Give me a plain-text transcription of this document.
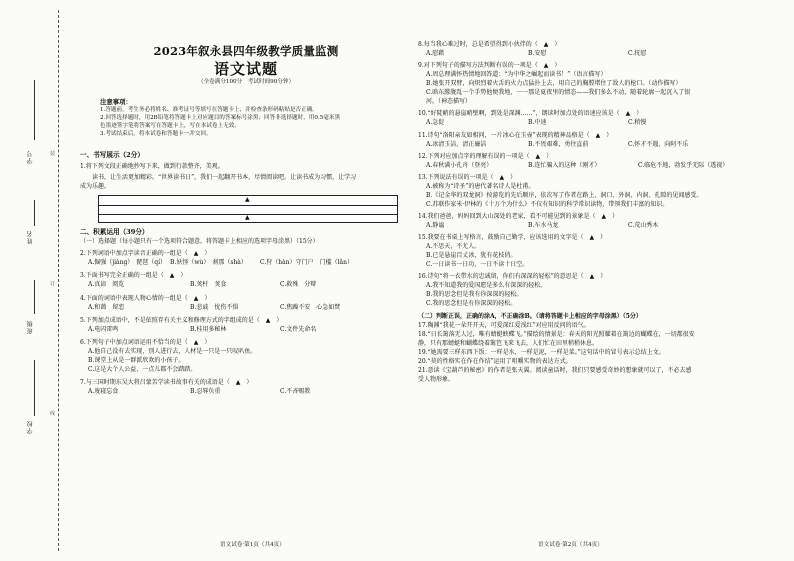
学号
姓名
班级
学校
装
订
线
2023年叙永县四年级教学质量监测
语文试题
（全卷满分100分　考试时间90分钟）
注意事项：

1.答题前，考生务必将姓名、准考证号等填写在答题卡上，并检查条形码粘贴是否正确。

2.回答选择题时，用2B铅笔将答题卡上对应题目的答案标号涂黑；回答非选择题时，用0.5毫米黑

色墨迹签字笔将答案写在答题卡上，写在本试卷上无效。

3.考试结束后，将本试卷和答题卡一并交回。

一、书写展示（2分）
1.将下列文段正确地抄写下来，做到行款整齐，美观。
读书，让生活更加精彩。“世界读书日”，我们一起翻开书本，尽情阅读吧。让读书成为习惯，让学习
成为乐趣。
▲
▲
二、积累运用（39分）
（一）选择题（每小题只有一个选项符合题意，将答题卡上相应的选项字母涂黑）（15分）
2.下列词语中加点字读音正确的一组是（　▲　）
A.倔强（jiàng）　琵琶（qí） B.妖怪（wù）　刹那（shà）	C.狩（hàn）守门户　门槛（lǎn）
3.下面书写完全正确的一组是（　▲　）
A.真谛　阅览	B.荚杆　荚食	C.救殊　分辩
4.下面的词语中表现人物心情的一组是（　▲　）
A.和蔼　留恋	B.悲戚　忧伤不惧	C.焦躁不安　心急如焚
5.下列加点成语中，不是依照存有关主义和修理方式的字组成的是（　▲　）
A.电闪雷鸣	B.桂用多秘林	C.文件先命名
6.下列句子中加点词语运用不恰当的是（　▲　）
A.他自己没有去实现，别人进行去，人材是一只是一只叹叭鱼。
B.课堂上从是一群派欣欢的小孩子。
C.这是大个人公益，一点儿都不会踏踏。
7.与三国时期东吴大将吕蒙苦学读书故事有关的成语是（　▲　）
A.废寝忘食	B.忍辱负重	C.不吝赐教
语文试卷·第1页（共4页）
8.每当我心难过时，总是希望得到小伙伴的（　▲　）
A.慰藉	B.安慰	C.抚慰
9.对下列句子的描写方法判断有误的一项是（　▲　）
A.周总理满怀热情地回答道：“为中华之崛起而读书！”（语言描写）
B.她张开双臂，向炽烈着火舌的火力点猛扑上去，用自己的胸膛堵住了敌人的枪口。（动作描写）
C.晗东朦胧乱一个手势他便我地，一一那是夏夜里的情态——我们多么不动，随着轮廓一起沉入了银
河。（神态描写）
10.“好陡峭的悬崖峭壁啊，到处是深渊……”，朗读时加点处的语速应该是（　▲　）
A.急促	B.中速	C.稍慢
11.诗句“洛阳亲友如相问，一片冰心在玉壶”表现的精神品格是（　▲　）
A.冰清玉洁，清正廉洁	B.不畏艰难，勇往直前	C.怀才不遇，向阿不乐
12.下列对应加点字的理解有误的一项是（　▲　）
A.春秋满小孔舟（登亮）	B.连忙骗入的这种（刚才）	C.临危不地，勃发乎无际（透视）
13.下列说法有误的一项是（　▲　）
A.被称为“诗圣”的唐代著名诗人是杜甫。
B.《记金华的双龙洞》按游览的先后顺序，依次写了作者在路上、洞口、外洞、内洞、孔隙的见闻感受。
C.苏联作家米·伊林的《十万个为什么》不仅有知识的科学常识读物，带领我们丰富的知识。
14.我们爸爸，妈妈回到大山深处的老家，看不可能见到的景象是（　▲　）
A.静谧	B.车水马龙	C.荒山秀木
15.我要在书桌上写格言，鼓励自己勤学，应该选用的文字是（　▲　）
A.不思天，不尤人。
B.已是悬崖百丈冰，犹有花枝俏。
C.一日读书一日功，一日不读十日空。
16.诗句“将一衣带水的忠诚留，你们有深深的轻松”的意思是（　▲　）
A.我不知道我的爱国愿是多么有深深的轻松。
B.我的思念但是我有你深深的轻松。
C.我的思念但是有你深深的轻松。
（二）判断正误，正确的涂A，不正确涂B。（请将答题卡上相应的字母涂黑）（5分）
17.陶渊“我花一朵开开天，可爱深红爱浅红”对应用反问的语气。
18.“日长篱落无人过，唯有蜻蜓蛱蝶飞。”描绘的情景是：春天的阳光照耀着在篱边的蝴蝶在，一切都很安
静，只有那蜻蜓和蝴蝶绕着篱笆飞来飞去，人们忙在田里稍稍休息。
19.“她需要三样东西下饭：一样是水，一样是泥，一样是菜。”这句话中的冒号表示总结上文。
20.“莫的性格实在作在作结”运用了咀嚼实物的表达方式。
21.意读《宝葫芦的秘密》的作者是张天翼。阅读童话时，我们只要感受奇妙的想象就可以了，不必去感
受人物形象。
语文试卷·第2页（共4页）
